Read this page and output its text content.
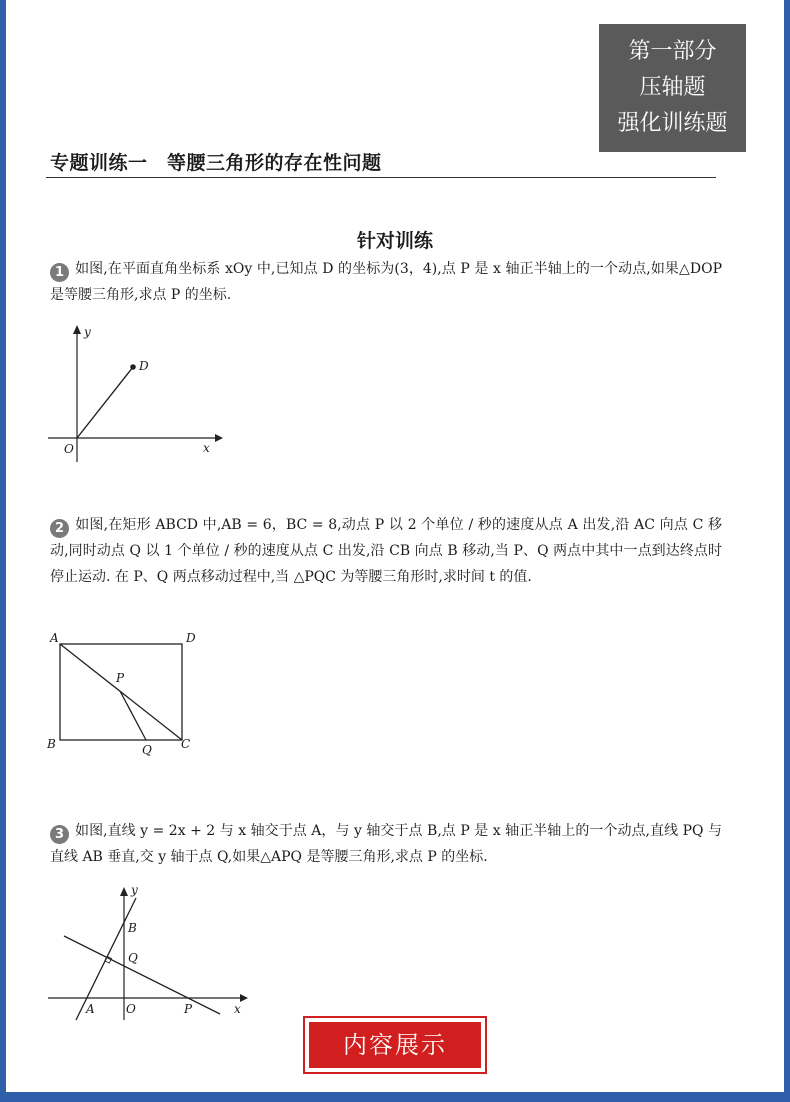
第一部分
压轴题
强化训练题
专题训练一　等腰三角形的存在性问题
针对训练
1 如图,在平面直角坐标系 xOy 中,已知点 D 的坐标为(3，4),点 P 是 x 轴正半轴上的一个动点,如果△DOP 是等腰三角形,求点 P 的坐标.
y
x
O
D
2 如图,在矩形 ABCD 中,AB = 6，BC = 8,动点 P 以 2 个单位 / 秒的速度从点 A 出发,沿 AC 向点 C 移动,同时动点 Q 以 1 个单位 / 秒的速度从点 C 出发,沿 CB 向点 B 移动,当 P、Q 两点中其中一点到达终点时停止运动. 在 P、Q 两点移动过程中,当 △PQC 为等腰三角形时,求时间 t 的值.
A	D
B	C
P
Q
3 如图,直线 y = 2x + 2 与 x 轴交于点 A，与 y 轴交于点 B,点 P 是 x 轴正半轴上的一个动点,直线 PQ 与直线 AB 垂直,交 y 轴于点 Q,如果△APQ 是等腰三角形,求点 P 的坐标.
y
x
O
A
B
Q
P
内容展示
